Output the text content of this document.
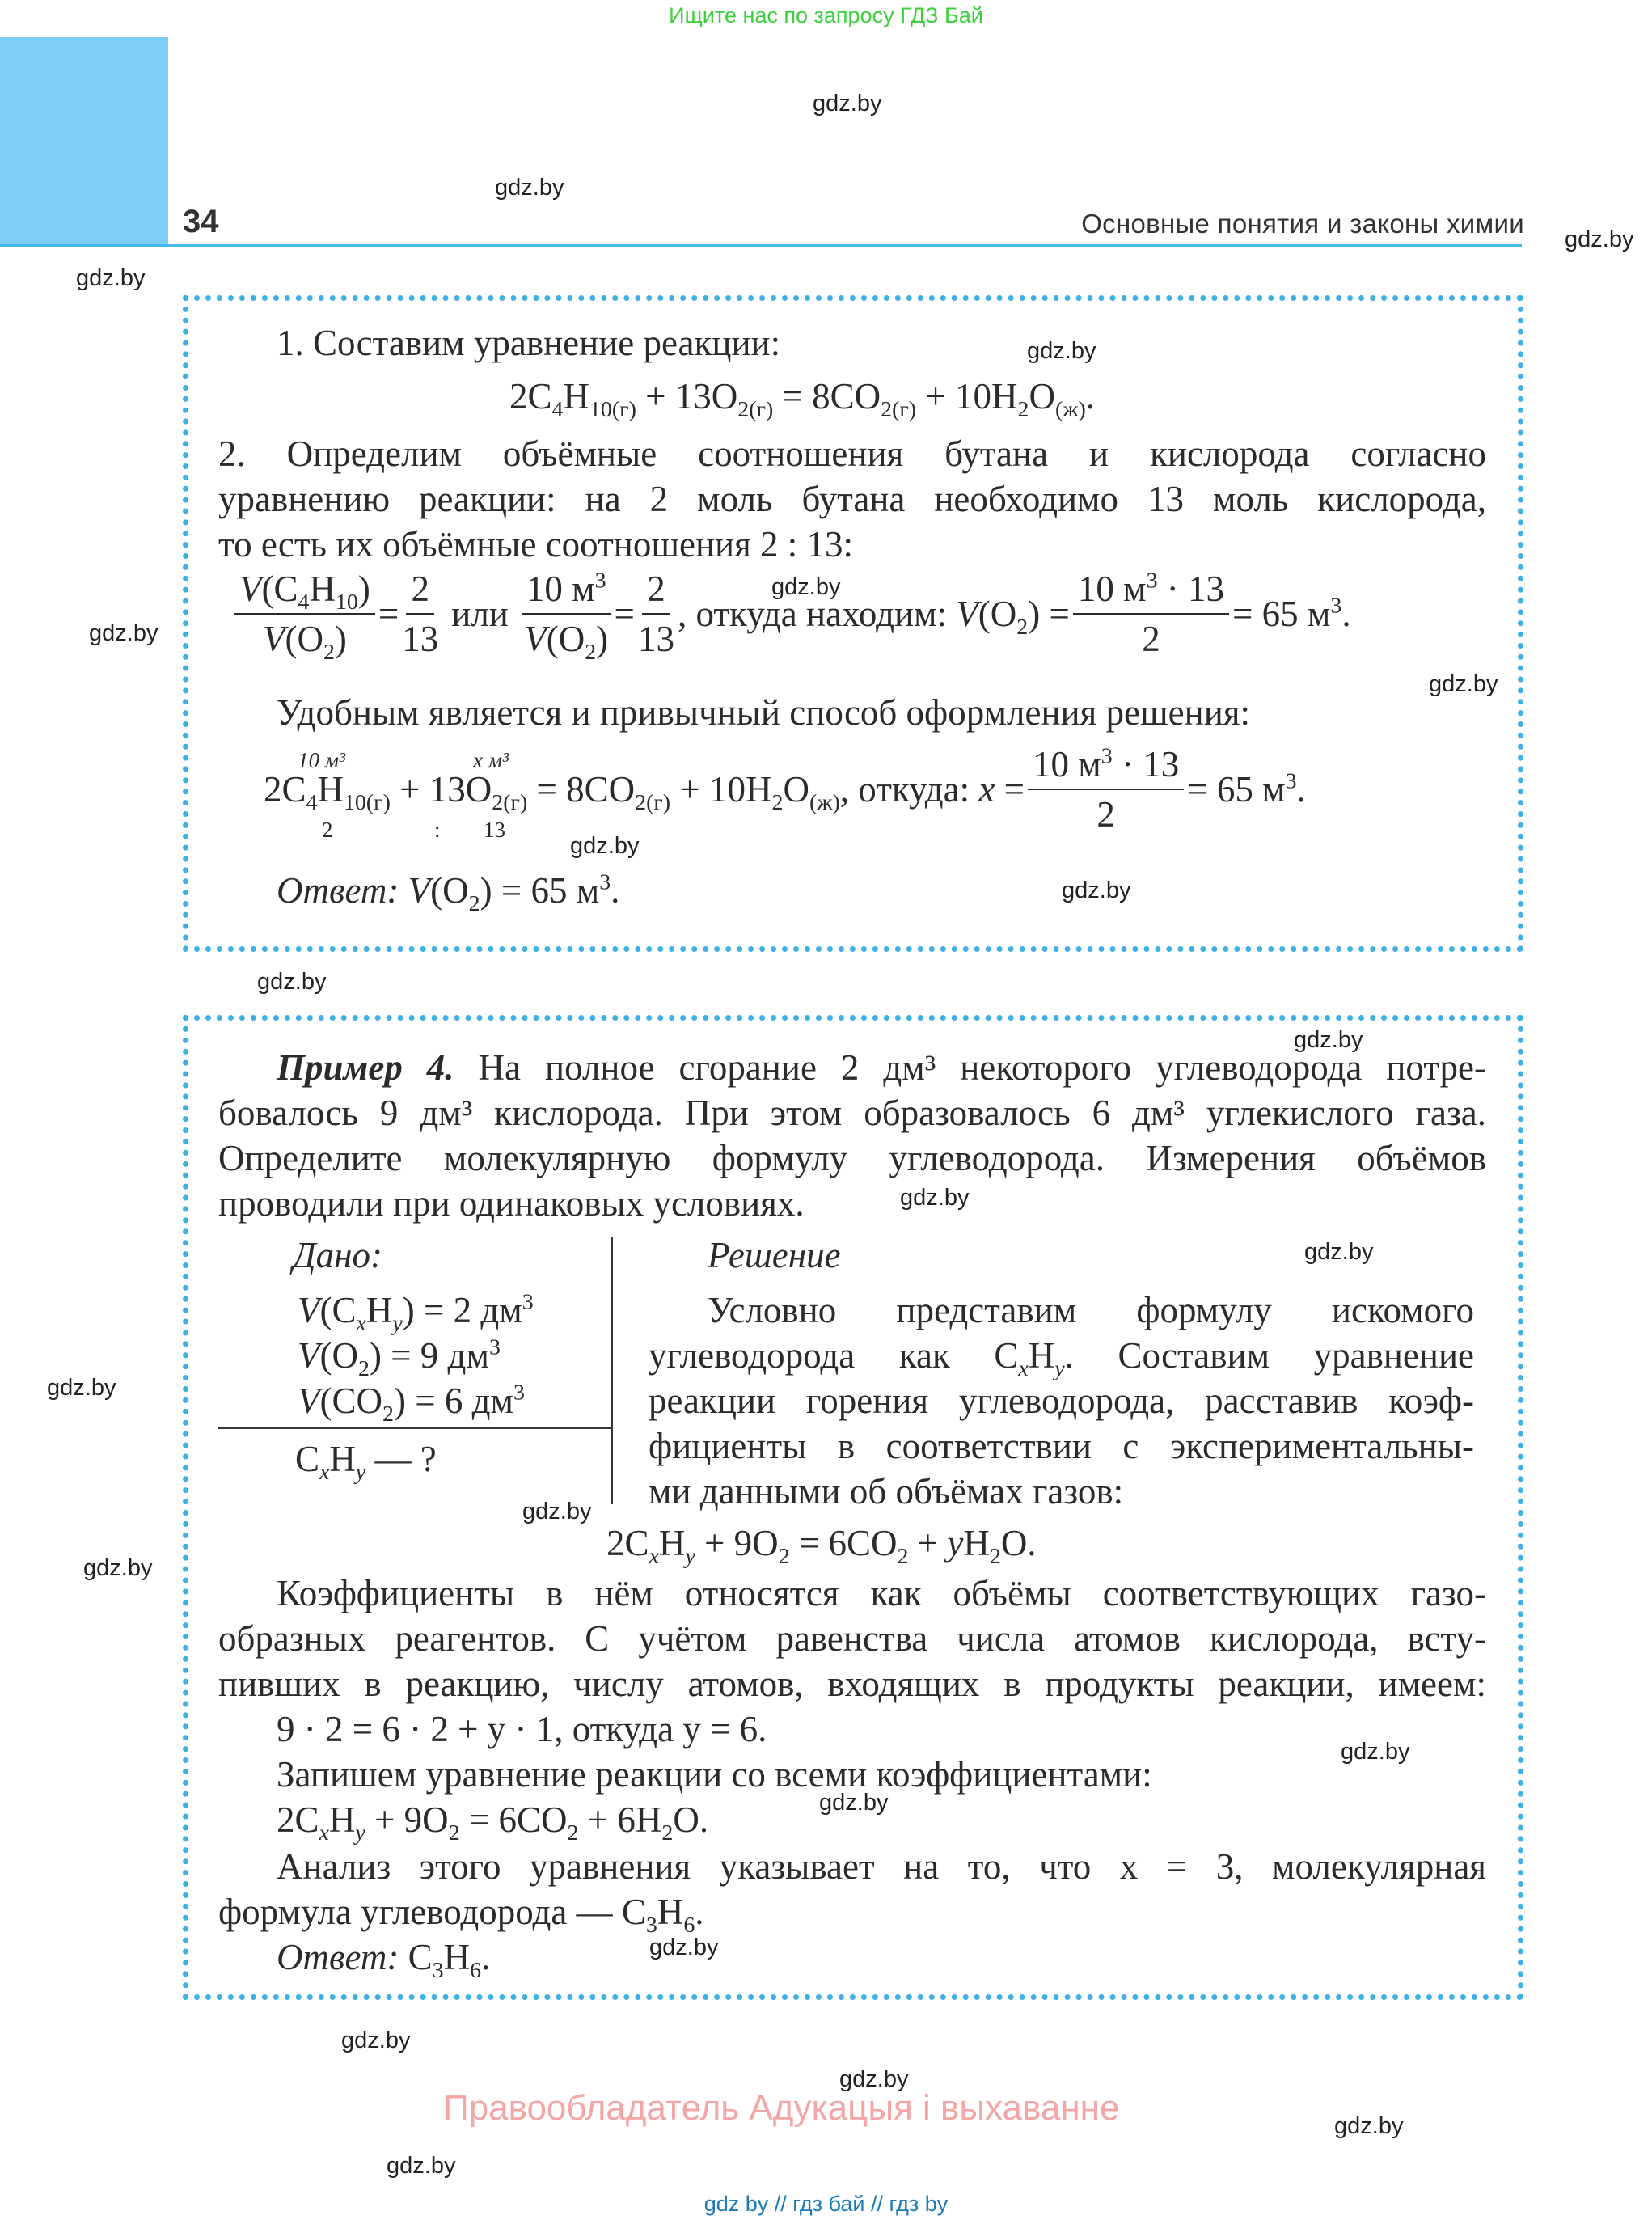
Ищите нас по запросу ГДЗ Бай
34	Основные понятия и законы химии
gdz.by
gdz.by
gdz.by
gdz.by
gdz.by
gdz.by
gdz.by
gdz.by
gdz.by
gdz.by
gdz.by
gdz.by
gdz.by
gdz.by
gdz.by
gdz.by
gdz.by
gdz.by
gdz.by
gdz.by
gdz.by
gdz.by
gdz.by
gdz.by
1. Составим уравнение реакции:
$2C_4H_{10(г)} + 13O_{2(г)} = 8CO_{2(г)} + 10H_2O_{(ж)}$.
2. Определим объёмные соотношения бутана и кислорода согласно
уравнению реакции: на 2 моль бутана необходимо 13 моль кислорода,
то есть их объёмные соотношения 2 : 13:
$\frac{V(C_4H_{10})}{V(O_2)} = \frac{2}{13}$ или $\frac{10 м^3}{V(O_2)} = \frac{2}{13}$ , откуда находим: $V(O_2) = \frac{10 м^3 \cdot 13}{2} = 65$ $м^3$.
Удобным является и привычный способ оформления решения:
10 м³	x м³
2	: 13
$2C_4H_{10(г)} + 13O_{2(г)} = 8CO_{2(г)} + 10H_2O_{(ж)}$ , откуда: $x = \frac{10 м^3 \cdot 13}{2} = 65$ $м^3$.
Ответ: $V(O_2) = 65$ $м^3$.
Пример 4. На полное сгорание 2 дм³ некоторого углеводорода потре-
бовалось 9 дм³ кислорода. При этом образовалось 6 дм³ углекислого газа.
Определите молекулярную формулу углеводорода. Измерения объёмов
проводили при одинаковых условиях.
Дано:	Решение
$V(C_xH_y) = 2$ $дм^3$
$V(O_2) = 9$ $дм^3$
$V(CO_2) = 6$ $дм^3$
$C_xH_y$ — ?
Условно представим формулу искомого
углеводорода как $C_xH_y$. Составим уравнение
реакции горения углеводорода, расставив коэф-
фициенты в соответствии с экспериментальны-
ми данными об объёмах газов:
$2C_xH_y + 9O_2 = 6CO_2 + yH_2O$.
Коэффициенты в нём относятся как объёмы соответствующих газо-
образных реагентов. С учётом равенства числа атомов кислорода, всту-
пивших в реакцию, числу атомов, входящих в продукты реакции, имеем:
9 · 2 = 6 · 2 + y · 1, откуда y = 6.
Запишем уравнение реакции со всеми коэффициентами:
$2C_xH_y + 9O_2 = 6CO_2 + 6H_2O$.
Анализ этого уравнения указывает на то, что x = 3, молекулярная
формула углеводорода — $C_3H_6$.
Ответ: $C_3H_6$.
Правообладатель Адукацыя і выхаванне
gdz by // гдз бай // гдз by
